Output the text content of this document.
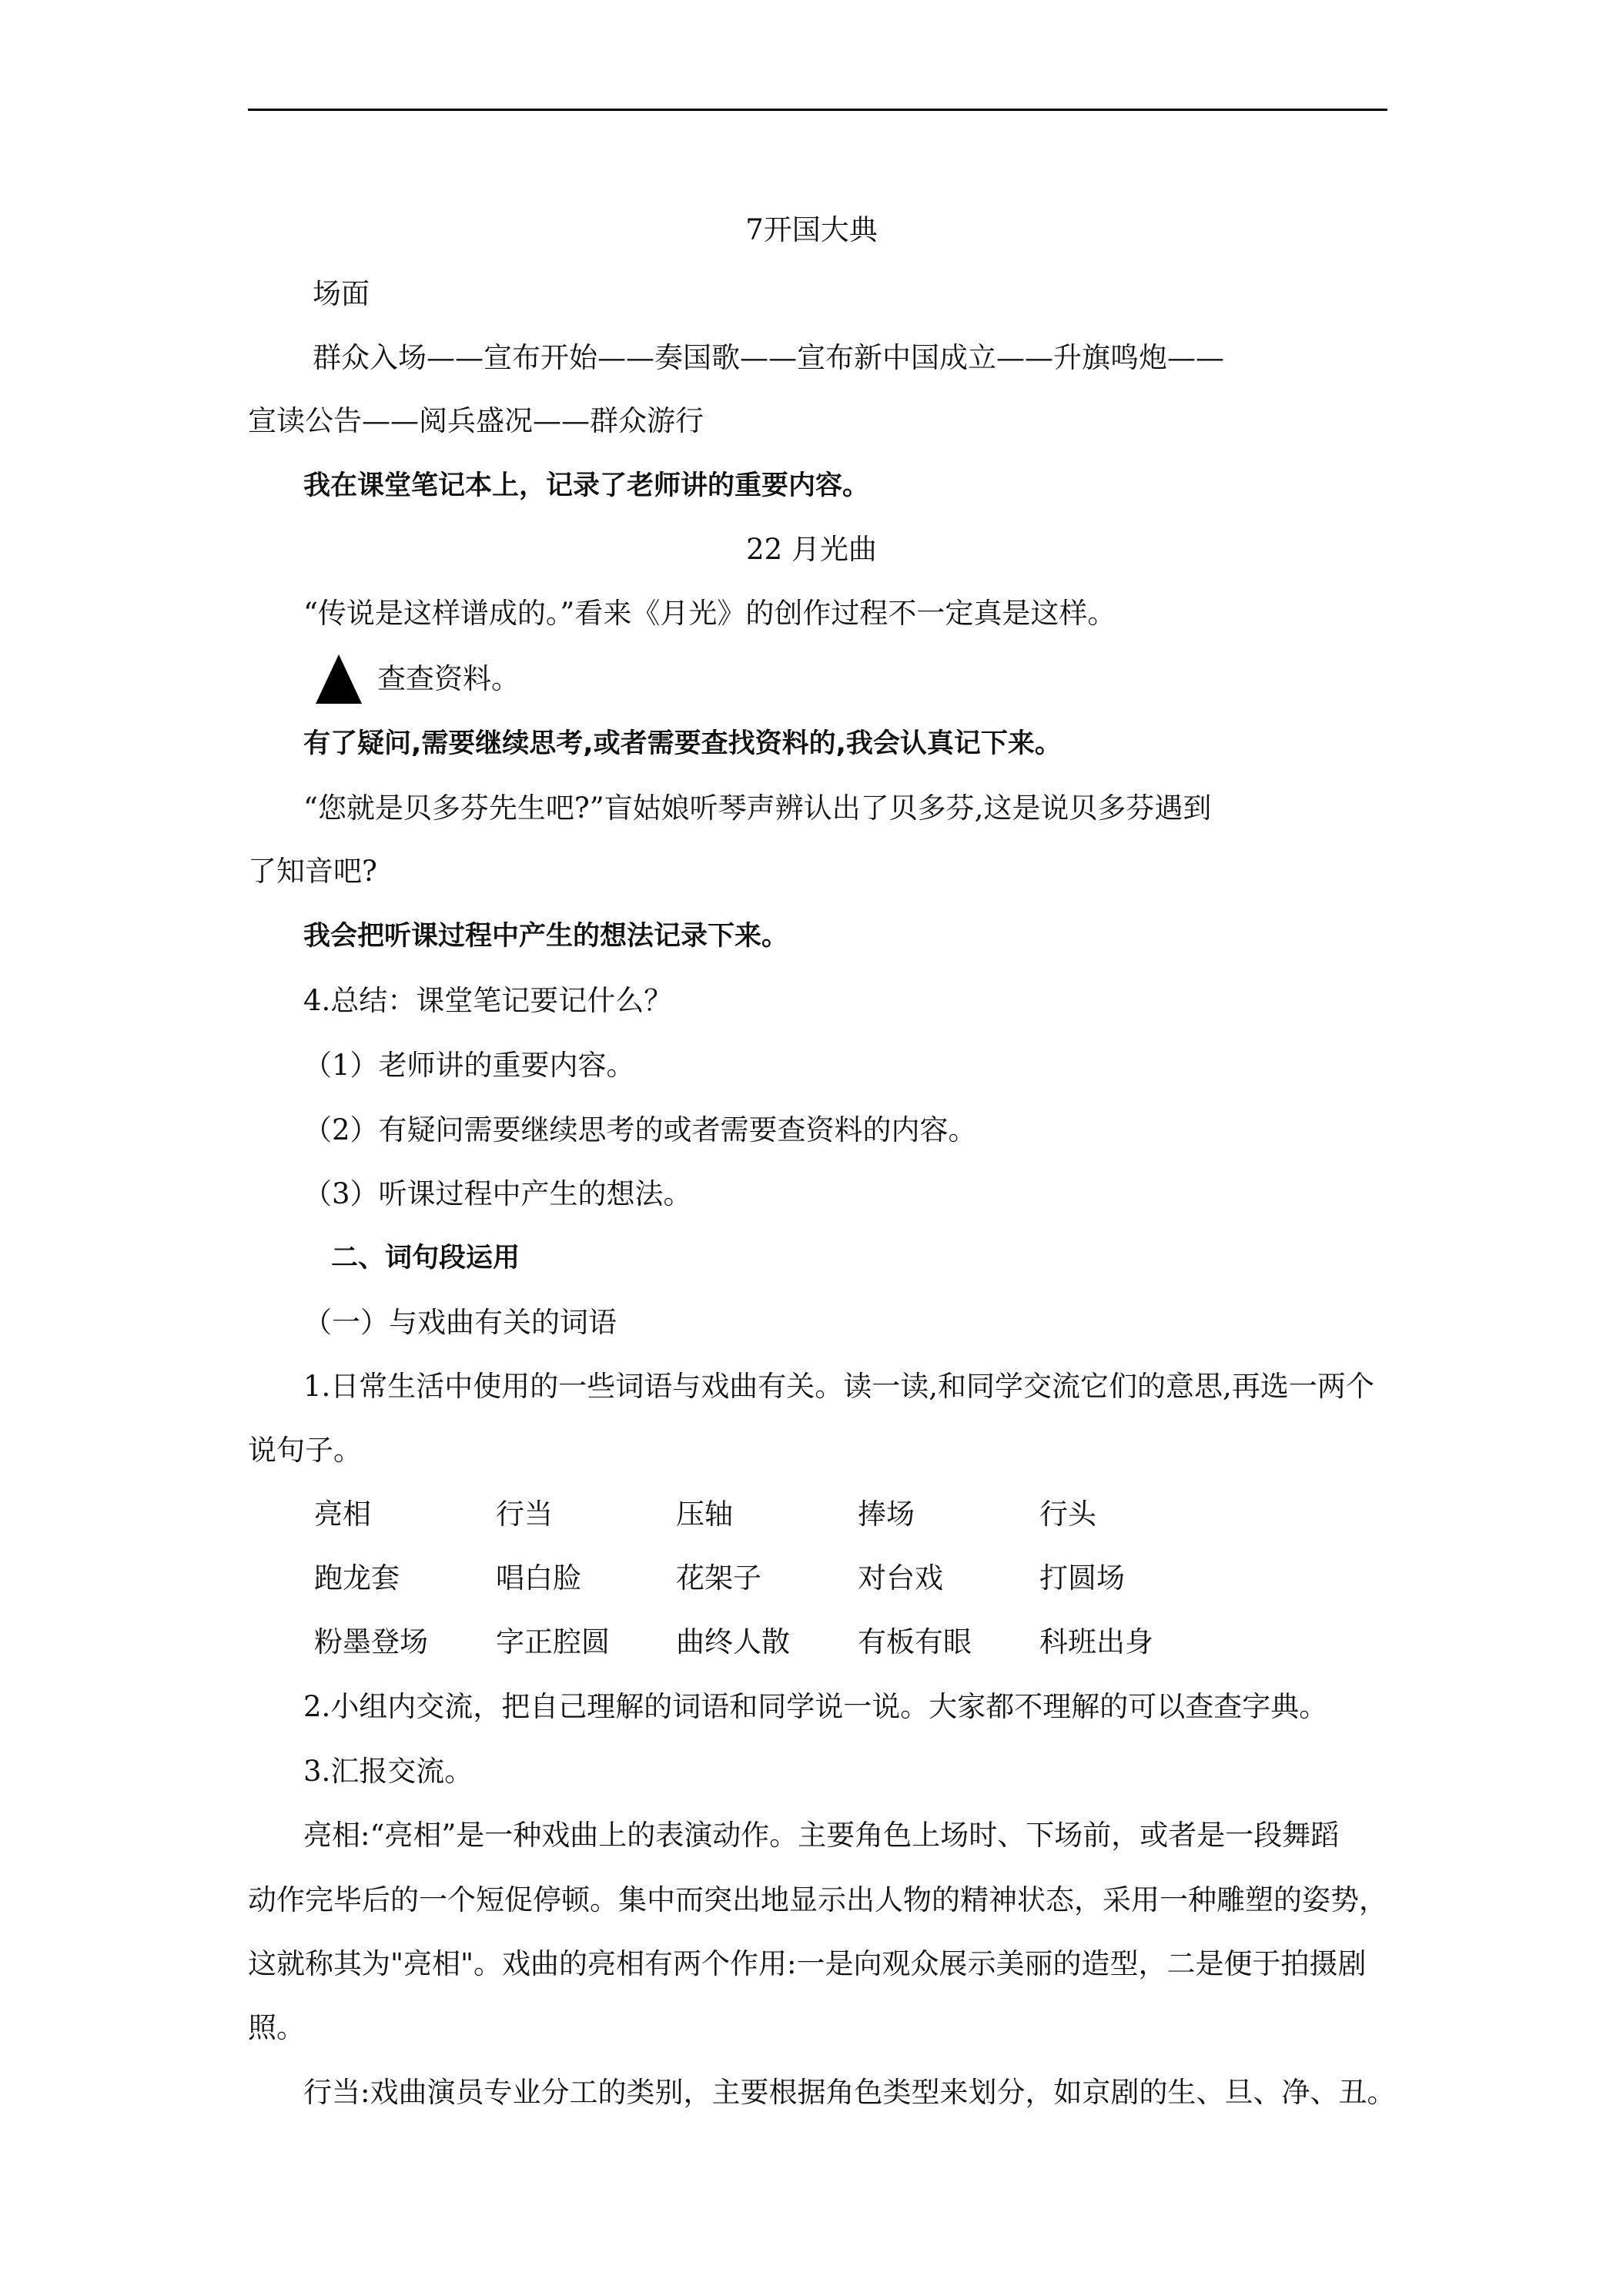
7开国大典
场面
群众入场——宣布开始——奏国歌——宣布新中国成立——升旗鸣炮——
宣读公告——阅兵盛况——群众游行
我在课堂笔记本上，记录了老师讲的重要内容。
22 月光曲
“传说是这样谱成的。”看来《月光》的创作过程不一定真是这样。
查查资料。
有了疑问,需要继续思考,或者需要查找资料的,我会认真记下来。
“您就是贝多芬先生吧?”盲姑娘听琴声辨认出了贝多芬,这是说贝多芬遇到
了知音吧?
我会把听课过程中产生的想法记录下来。
4.总结：课堂笔记要记什么？
（1）老师讲的重要内容。
（2）有疑问需要继续思考的或者需要查资料的内容。
（3）听课过程中产生的想法。
二、词句段运用
（一）与戏曲有关的词语
1.日常生活中使用的一些词语与戏曲有关。读一读,和同学交流它们的意思,再选一两个
说句子。
亮相	行当	压轴	捧场	行头
跑龙套	唱白脸	花架子	对台戏	打圆场
粉墨登场 字正腔圆 曲终人散 有板有眼 科班出身
2.小组内交流，把自己理解的词语和同学说一说。大家都不理解的可以查查字典。
3.汇报交流。
亮相:“亮相”是一种戏曲上的表演动作。主要角色上场时、下场前，或者是一段舞蹈
动作完毕后的一个短促停顿。集中而突出地显示出人物的精神状态，采用一种雕塑的姿势，
这就称其为"亮相"。戏曲的亮相有两个作用:一是向观众展示美丽的造型，二是便于拍摄剧
照。
行当:戏曲演员专业分工的类别，主要根据角色类型来划分，如京剧的生、旦、净、丑。
